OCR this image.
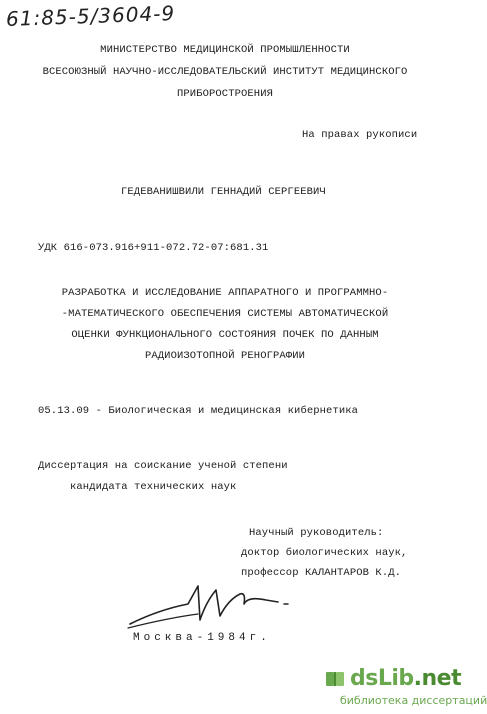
61:85-5/3604-9
МИНИСТЕРСТВО МЕДИЦИНСКОЙ ПРОМЫШЛЕННОСТИ
ВСЕСОЮЗНЫЙ НАУЧНО-ИССЛЕДОВАТЕЛЬСКИЙ ИНСТИТУТ МЕДИЦИНСКОГО
ПРИБОРОСТРОЕНИЯ
На правах рукописи
ГЕДЕВАНИШВИЛИ ГЕННАДИЙ СЕРГЕЕВИЧ
УДК 616-073.916+911-072.72-07:681.31
РАЗРАБОТКА И ИССЛЕДОВАНИЕ АППАРАТНОГО И ПРОГРАММНО-
-МАТЕМАТИЧЕСКОГО ОБЕСПЕЧЕНИЯ СИСТЕМЫ АВТОМАТИЧЕСКОЙ
ОЦЕНКИ ФУНКЦИОНАЛЬНОГО СОСТОЯНИЯ ПОЧЕК ПО ДАННЫМ
РАДИОИЗОТОПНОЙ РЕНОГРАФИИ
05.13.09 - Биологическая и медицинская кибернетика
Диссертация на соискание ученой степени
кандидата технических наук
Научный руководитель:
доктор биологических наук,
профессор КАЛАНТАРОВ К.Д.
Москва-1984г.
dsLib.net
библиотека диссертаций
